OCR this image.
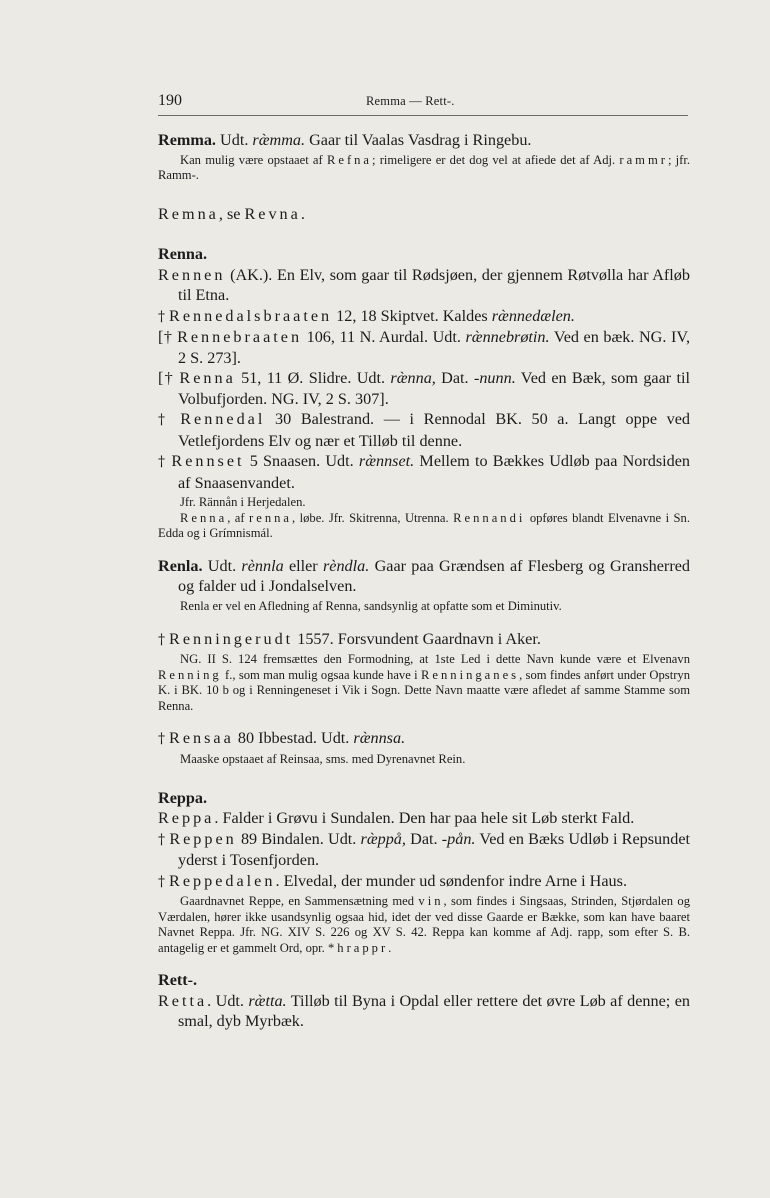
190	Remma — Rett-.

Remma. Udt. ræ̀mma. Gaar til Vaalas Vasdrag i Ringebu.

Kan mulig være opstaaet af Refna; rimeligere er det dog vel at afiede det af Adj. rammr; jfr. Ramm-.

Remna, se Revna.

Renna.

Rennen (AK.). En Elv, som gaar til Rødsjøen, der gjennem Røtvølla har Afløb til Etna.

† Rennedalsbraaten 12, 18 Skiptvet. Kaldes ræ̀nnedælen.

[† Rennebraaten 106, 11 N. Aurdal. Udt. ræ̀nnebrøtin. Ved en bæk. NG. IV, 2 S. 273].

[† Renna 51, 11 Ø. Slidre. Udt. ræ̀nna, Dat. -nunn. Ved en Bæk, som gaar til Volbufjorden. NG. IV, 2 S. 307].

† Rennedal 30 Balestrand. — i Rennodal BK. 50 a. Langt oppe ved Vetlefjordens Elv og nær et Tilløb til denne.

† Rennset 5 Snaasen. Udt. ræ̀nnset. Mellem to Bækkes Udløb paa Nordsiden af Snaasenvandet.

Jfr. Rännån i Herjedalen.

Renna, af renna, løbe. Jfr. Skitrenna, Utrenna. Rennandi opføres blandt Elvenavne i Sn. Edda og i Grímnismál.

Renla. Udt. rènnla eller rèndla. Gaar paa Grændsen af Flesberg og Gransherred og falder ud i Jondalselven.

Renla er vel en Afledning af Renna, sandsynlig at opfatte som et Diminutiv.

† Renningerudt 1557. Forsvundent Gaardnavn i Aker.

NG. II S. 124 fremsættes den Formodning, at 1ste Led i dette Navn kunde være et Elvenavn Renning f., som man mulig ogsaa kunde have i Renninganes, som findes anført under Opstryn K. i BK. 10 b og i Renningeneset i Vik i Sogn. Dette Navn maatte være afledet af samme Stamme som Renna.

† Rensaa 80 Ibbestad. Udt. ræ̀nnsa.

Maaske opstaaet af Reinsaa, sms. med Dyrenavnet Rein.

Reppa.

Reppa. Falder i Grøvu i Sundalen. Den har paa hele sit Løb sterkt Fald.

† Reppen 89 Bindalen. Udt. ræ̀ppå, Dat. -pån. Ved en Bæks Udløb i Repsundet yderst i Tosenfjorden.

† Reppedalen. Elvedal, der munder ud søndenfor indre Arne i Haus.

Gaardnavnet Reppe, en Sammensætning med vin, som findes i Singsaas, Strinden, Stjørdalen og Værdalen, hører ikke usandsynlig ogsaa hid, idet der ved disse Gaarde er Bække, som kan have baaret Navnet Reppa. Jfr. NG. XIV S. 226 og XV S. 42. Reppa kan komme af Adj. rapp, som efter S. B. antagelig er et gammelt Ord, opr. *hrappr.

Rett-.

Retta. Udt. ræ̀tta. Tilløb til Byna i Opdal eller rettere det øvre Løb af denne; en smal, dyb Myrbæk.
